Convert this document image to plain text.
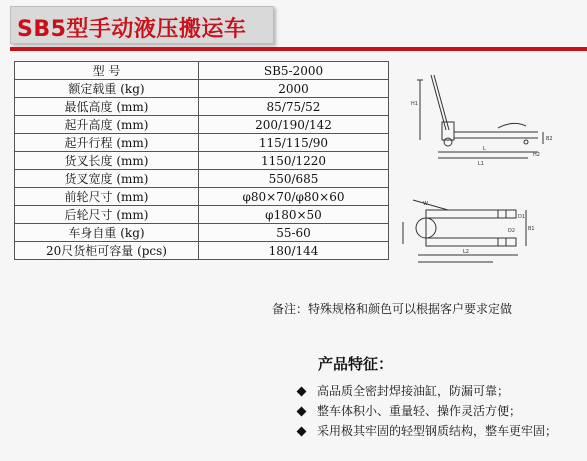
SB5型手动液压搬运车
型 号	SB5-2000
额定载重 (kg)	2000
最低高度 (mm)	85/75/52
起升高度 (mm)	200/190/142
起升行程 (mm)	115/115/90
货叉长度 (mm)	1150/1220
货叉宽度 (mm)	550/685
前轮尺寸 (mm)	φ80×70/φ80×60
后轮尺寸 (mm)	φ180×50
车身自重 (kg)	55-60
20尺货柜可容量 (pcs)	180/144
H1
L
L1
B2
H2
W
D1
D2
L2
B1
备注：特殊规格和颜色可以根据客户要求定做
产品特征：
高品质全密封焊接油缸，防漏可靠；
整车体积小、重量轻、操作灵活方便；
采用极其牢固的轻型钢质结构，整车更牢固；
